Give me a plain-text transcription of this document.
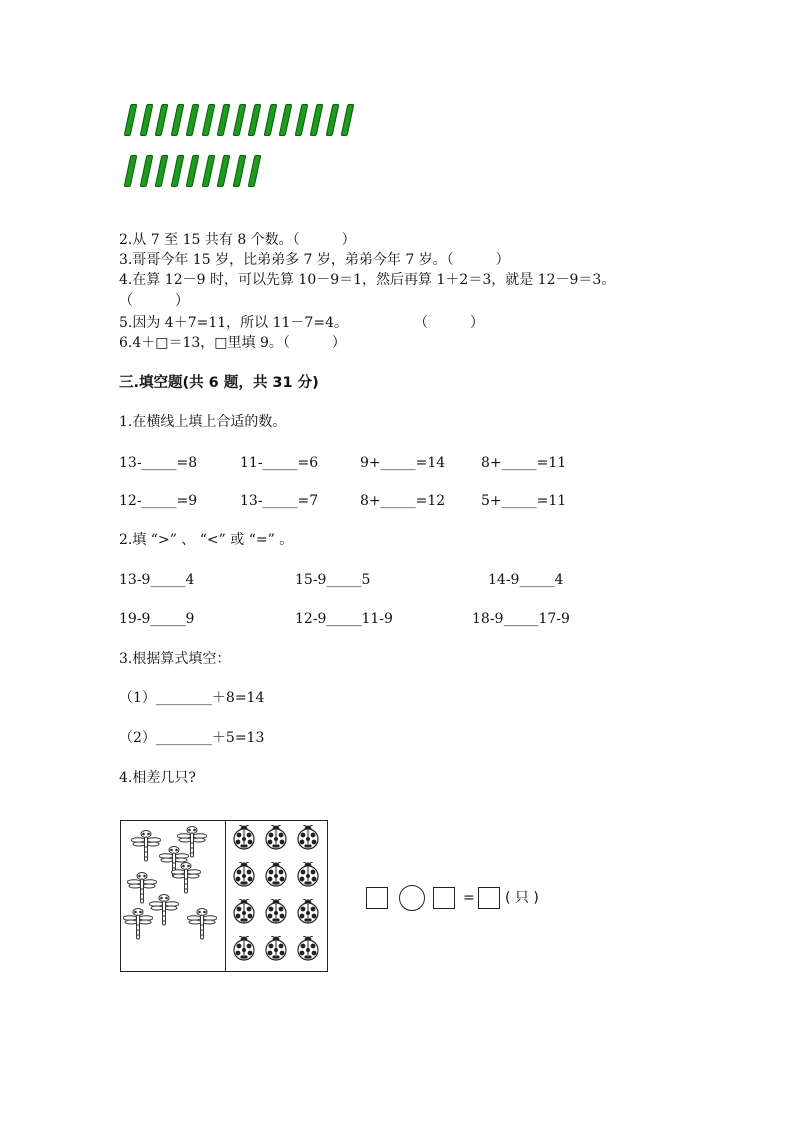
2.从 7 至 15 共有 8 个数。（　　　）
3.哥哥今年 15 岁，比弟弟多 7 岁，弟弟今年 7 岁。（　　　）
4.在算 12－9 时，可以先算 10－9＝1，然后再算 1＋2＝3，就是 12－9＝3。
（　　　）
5.因为 4＋7=11，所以 11－7=4。	（　　　）
6.4＋□＝13，□里填 9。（　　　）
三.填空题(共 6 题，共 31 分)
1.在横线上填上合适的数。
13-_____=8	11-_____=6	9+_____=14	8+_____=11
12-_____=9	13-_____=7	8+_____=12	5+_____=11
2.填 “>” 、 “<” 或 “=” 。
13-9_____4	15-9_____5	14-9_____4
19-9_____9	12-9_____11-9	18-9_____17-9
3.根据算式填空：
（1）________＋8=14
（2）________＋5=13
4.相差几只?
= ( 只 )
